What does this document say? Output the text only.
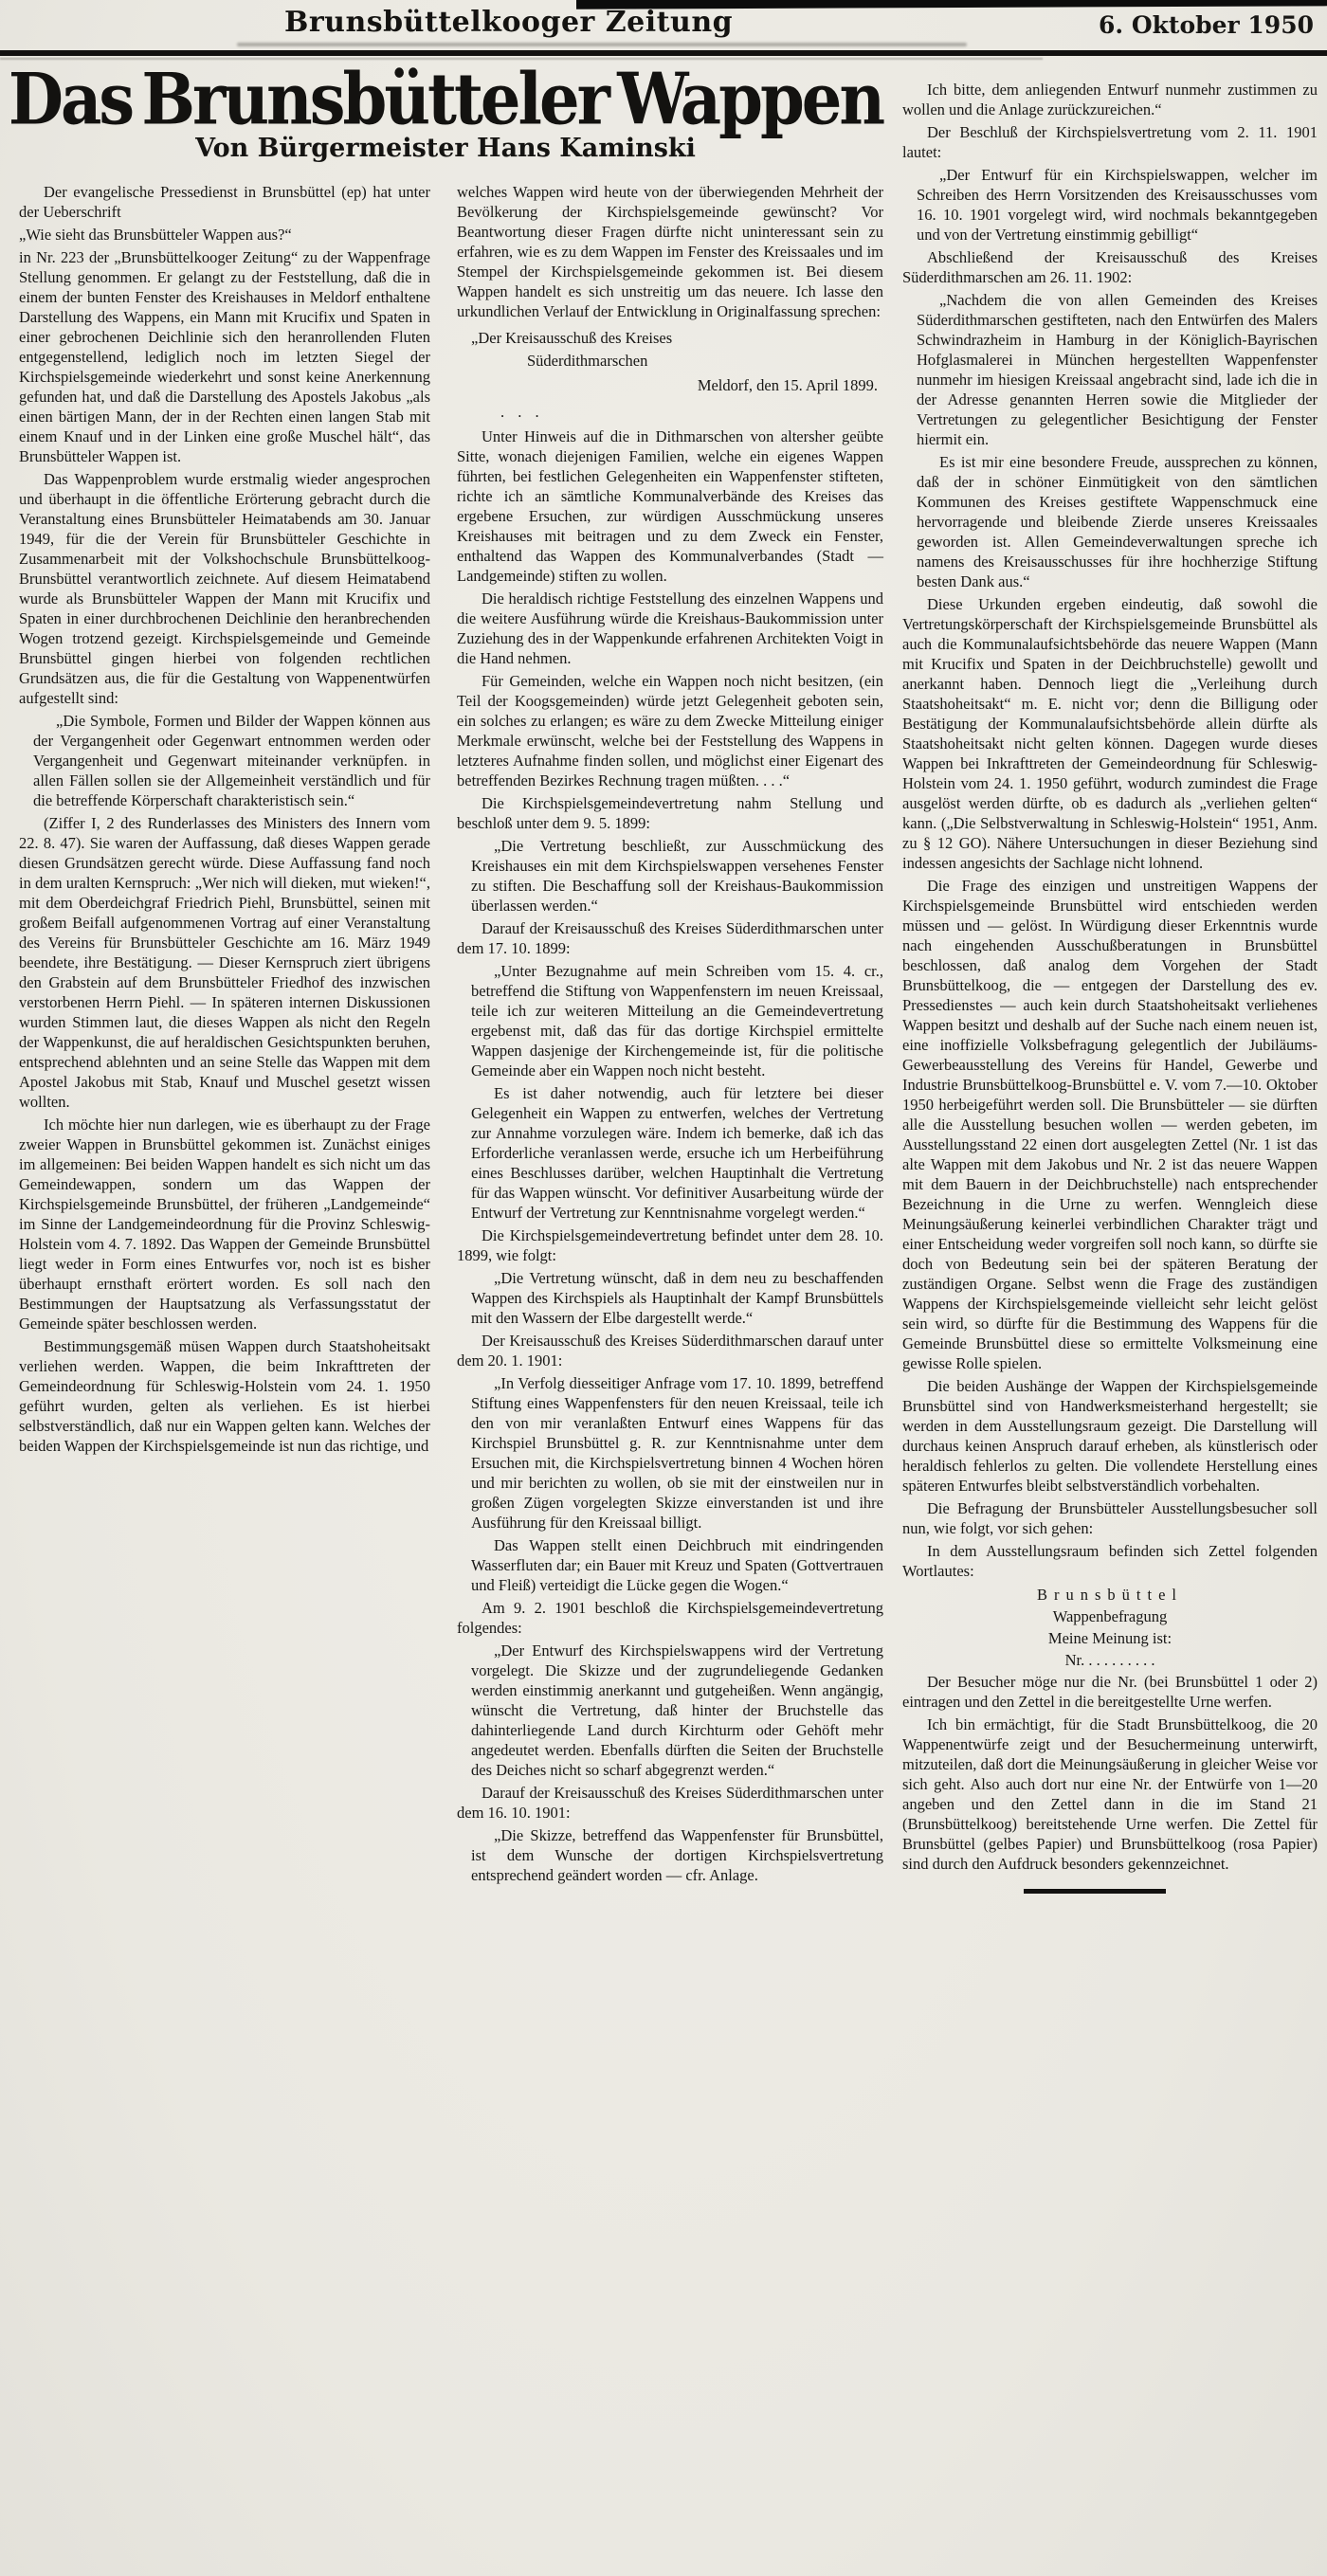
Brunsbüttelkooger Zeitung	6. Oktober 1950
Das Brunsbütteler Wappen
Von Bürgermeister Hans Kaminski

Der evangelische Pressedienst in Brunsbüttel (ep) hat unter der Ueberschrift

„Wie sieht das Brunsbütteler Wappen aus?“

in Nr. 223 der „Brunsbüttelkooger Zeitung“ zu der Wappenfrage Stellung genommen. Er gelangt zu der Feststellung, daß die in einem der bunten Fenster des Kreishauses in Meldorf enthaltene Darstellung des Wappens, ein Mann mit Krucifix und Spaten in einer gebrochenen Deichlinie sich den heranrollenden Fluten entgegenstellend, lediglich noch im letzten Siegel der Kirchspielsgemeinde wiederkehrt und sonst keine Anerkennung gefunden hat, und daß die Darstellung des Apostels Jakobus „als einen bärtigen Mann, der in der Rechten einen langen Stab mit einem Knauf und in der Linken eine große Muschel hält“, das Brunsbütteler Wappen ist.

Das Wappenproblem wurde erstmalig wieder angesprochen und überhaupt in die öffentliche Erörterung gebracht durch die Veranstaltung eines Brunsbütteler Heimatabends am 30. Januar 1949, für die der Verein für Brunsbütteler Geschichte in Zusammenarbeit mit der Volkshochschule Brunsbüttelkoog-Brunsbüttel verantwortlich zeichnete. Auf diesem Heimatabend wurde als Brunsbütteler Wappen der Mann mit Krucifix und Spaten in einer durchbrochenen Deichlinie den heranbrechenden Wogen trotzend gezeigt. Kirchspielsgemeinde und Gemeinde Brunsbüttel gingen hierbei von folgenden rechtlichen Grundsätzen aus, die für die Gestaltung von Wappenentwürfen aufgestellt sind:

„Die Symbole, Formen und Bilder der Wappen können aus der Vergangenheit oder Gegenwart entnommen werden oder Vergangenheit und Gegenwart miteinander verknüpfen. in allen Fällen sollen sie der Allgemeinheit verständlich und für die betreffende Körperschaft charakteristisch sein.“

(Ziffer I, 2 des Runderlasses des Ministers des Innern vom 22. 8. 47). Sie waren der Auffassung, daß dieses Wappen gerade diesen Grundsätzen gerecht würde. Diese Auffassung fand noch in dem uralten Kernspruch: „Wer nich will dieken, mut wieken!“, mit dem Oberdeichgraf Friedrich Piehl, Brunsbüttel, seinen mit großem Beifall aufgenommenen Vortrag auf einer Veranstaltung des Vereins für Brunsbütteler Geschichte am 16. März 1949 beendete, ihre Bestätigung. — Dieser Kernspruch ziert übrigens den Grabstein auf dem Brunsbütteler Friedhof des inzwischen verstorbenen Herrn Piehl. — In späteren internen Diskussionen wurden Stimmen laut, die dieses Wappen als nicht den Regeln der Wappenkunst, die auf heraldischen Gesichtspunkten beruhen, entsprechend ablehnten und an seine Stelle das Wappen mit dem Apostel Jakobus mit Stab, Knauf und Muschel gesetzt wissen wollten.

Ich möchte hier nun darlegen, wie es überhaupt zu der Frage zweier Wappen in Brunsbüttel gekommen ist. Zunächst einiges im allgemeinen: Bei beiden Wappen handelt es sich nicht um das Gemeindewappen, sondern um das Wappen der Kirchspielsgemeinde Brunsbüttel, der früheren „Landgemeinde“ im Sinne der Landgemeindeordnung für die Provinz Schleswig-Holstein vom 4. 7. 1892. Das Wappen der Gemeinde Brunsbüttel liegt weder in Form eines Entwurfes vor, noch ist es bisher überhaupt ernsthaft erörtert worden. Es soll nach den Bestimmungen der Hauptsatzung als Verfassungsstatut der Gemeinde später beschlossen werden.

Bestimmungsgemäß müsen Wappen durch Staatshoheitsakt verliehen werden. Wappen, die beim Inkrafttreten der Gemeindeordnung für Schleswig-Holstein vom 24. 1. 1950 geführt wurden, gelten als verliehen. Es ist hierbei selbstverständlich, daß nur ein Wappen gelten kann. Welches der beiden Wappen der Kirchspielsgemeinde ist nun das richtige, und

welches Wappen wird heute von der überwiegenden Mehrheit der Bevölkerung der Kirchspielsgemeinde gewünscht? Vor Beantwortung dieser Fragen dürfte nicht uninteressant sein zu erfahren, wie es zu dem Wappen im Fenster des Kreissaales und im Stempel der Kirchspielsgemeinde gekommen ist. Bei diesem Wappen handelt es sich unstreitig um das neuere. Ich lasse den urkundlichen Verlauf der Entwicklung in Originalfassung sprechen:

„Der Kreisausschuß des Kreises

Süderdithmarschen

Meldorf, den 15. April 1899.

. . .

Unter Hinweis auf die in Dithmarschen von altersher geübte Sitte, wonach diejenigen Familien, welche ein eigenes Wappen führten, bei festlichen Gelegenheiten ein Wappenfenster stifteten, richte ich an sämtliche Kommunalverbände des Kreises das ergebene Ersuchen, zur würdigen Ausschmückung unseres Kreishauses mit beitragen und zu dem Zweck ein Fenster, enthaltend das Wappen des Kommunalverbandes (Stadt — Landgemeinde) stiften zu wollen.

Die heraldisch richtige Feststellung des einzelnen Wappens und die weitere Ausführung würde die Kreishaus-Baukommission unter Zuziehung des in der Wappenkunde erfahrenen Architekten Voigt in die Hand nehmen.

Für Gemeinden, welche ein Wappen noch nicht besitzen, (ein Teil der Koogsgemeinden) würde jetzt Gelegenheit geboten sein, ein solches zu erlangen; es wäre zu dem Zwecke Mitteilung einiger Merkmale erwünscht, welche bei der Feststellung des Wappens in letzteres Aufnahme finden sollen, und möglichst einer Eigenart des betreffenden Bezirkes Rechnung tragen müßten. . . .“

Die Kirchspielsgemeindevertretung nahm Stellung und beschloß unter dem 9. 5. 1899:

„Die Vertretung beschließt, zur Ausschmückung des Kreishauses ein mit dem Kirchspielswappen versehenes Fenster zu stiften. Die Beschaffung soll der Kreishaus-Baukommission überlassen werden.“

Darauf der Kreisausschuß des Kreises Süderdithmarschen unter dem 17. 10. 1899:

„Unter Bezugnahme auf mein Schreiben vom 15. 4. cr., betreffend die Stiftung von Wappenfenstern im neuen Kreissaal, teile ich zur weiteren Mitteilung an die Gemeindevertretung ergebenst mit, daß das für das dortige Kirchspiel ermittelte Wappen dasjenige der Kirchengemeinde ist, für die politische Gemeinde aber ein Wappen noch nicht besteht.

Es ist daher notwendig, auch für letztere bei dieser Gelegenheit ein Wappen zu entwerfen, welches der Vertretung zur Annahme vorzulegen wäre. Indem ich bemerke, daß ich das Erforderliche veranlassen werde, ersuche ich um Herbeiführung eines Beschlusses darüber, welchen Hauptinhalt die Vertretung für das Wappen wünscht. Vor definitiver Ausarbeitung würde der Entwurf der Vertretung zur Kenntnisnahme vorgelegt werden.“

Die Kirchspielsgemeindevertretung befindet unter dem 28. 10. 1899, wie folgt:

„Die Vertretung wünscht, daß in dem neu zu beschaffenden Wappen des Kirchspiels als Hauptinhalt der Kampf Brunsbüttels mit den Wassern der Elbe dargestellt werde.“

Der Kreisausschuß des Kreises Süderdithmarschen darauf unter dem 20. 1. 1901:

„In Verfolg diesseitiger Anfrage vom 17. 10. 1899, betreffend Stiftung eines Wappenfensters für den neuen Kreissaal, teile ich den von mir veranlaßten Entwurf eines Wappens für das Kirchspiel Brunsbüttel g. R. zur Kenntnisnahme unter dem Ersuchen mit, die Kirchspielsvertretung binnen 4 Wochen hören und mir berichten zu wollen, ob sie mit der einstweilen nur in großen Zügen vorgelegten Skizze einverstanden ist und ihre Ausführung für den Kreissaal billigt.

Das Wappen stellt einen Deichbruch mit eindringenden Wasserfluten dar; ein Bauer mit Kreuz und Spaten (Gottvertrauen und Fleiß) verteidigt die Lücke gegen die Wogen.“

Am 9. 2. 1901 beschloß die Kirchspielsgemeindevertretung folgendes:

„Der Entwurf des Kirchspielswappens wird der Vertretung vorgelegt. Die Skizze und der zugrundeliegende Gedanken werden einstimmig anerkannt und gutgeheißen. Wenn angängig, wünscht die Vertretung, daß hinter der Bruchstelle das dahinterliegende Land durch Kirchturm oder Gehöft mehr angedeutet werden. Ebenfalls dürften die Seiten der Bruchstelle des Deiches nicht so scharf abgegrenzt werden.“

Darauf der Kreisausschuß des Kreises Süderdithmarschen unter dem 16. 10. 1901:

„Die Skizze, betreffend das Wappenfenster für Brunsbüttel, ist dem Wunsche der dortigen Kirchspielsvertretung entsprechend geändert worden — cfr. Anlage.

Ich bitte, dem anliegenden Entwurf nunmehr zustimmen zu wollen und die Anlage zurückzureichen.“

Der Beschluß der Kirchspielsvertretung vom 2. 11. 1901 lautet:

„Der Entwurf für ein Kirchspielswappen, welcher im Schreiben des Herrn Vorsitzenden des Kreisausschusses vom 16. 10. 1901 vorgelegt wird, wird nochmals bekanntgegeben und von der Vertretung einstimmig gebilligt“

Abschließend der Kreisausschuß des Kreises Süderdithmarschen am 26. 11. 1902:

„Nachdem die von allen Gemeinden des Kreises Süderdithmarschen gestifteten, nach den Entwürfen des Malers Schwindrazheim in Hamburg in der Königlich-Bayrischen Hofglasmalerei in München hergestellten Wappenfenster nunmehr im hiesigen Kreissaal angebracht sind, lade ich die in der Adresse genannten Herren sowie die Mitglieder der Vertretungen zu gelegentlicher Besichtigung der Fenster hiermit ein.

Es ist mir eine besondere Freude, aussprechen zu können, daß der in schöner Einmütigkeit von den sämtlichen Kommunen des Kreises gestiftete Wappenschmuck eine hervorragende und bleibende Zierde unseres Kreissaales geworden ist. Allen Gemeindeverwaltungen spreche ich namens des Kreisausschusses für ihre hochherzige Stiftung besten Dank aus.“

Diese Urkunden ergeben eindeutig, daß sowohl die Vertretungskörperschaft der Kirchspielsgemeinde Brunsbüttel als auch die Kommunalaufsichtsbehörde das neuere Wappen (Mann mit Krucifix und Spaten in der Deichbruchstelle) gewollt und anerkannt haben. Dennoch liegt die „Verleihung durch Staatshoheitsakt“ m. E. nicht vor; denn die Billigung oder Bestätigung der Kommunalaufsichtsbehörde allein dürfte als Staatshoheitsakt nicht gelten können. Dagegen wurde dieses Wappen bei Inkrafttreten der Gemeindeordnung für Schleswig-Holstein vom 24. 1. 1950 geführt, wodurch zumindest die Frage ausgelöst werden dürfte, ob es dadurch als „verliehen gelten“ kann. („Die Selbstverwaltung in Schleswig-Holstein“ 1951, Anm. zu § 12 GO). Nähere Untersuchungen in dieser Beziehung sind indessen angesichts der Sachlage nicht lohnend.

Die Frage des einzigen und unstreitigen Wappens der Kirchspielsgemeinde Brunsbüttel wird entschieden werden müssen und — gelöst. In Würdigung dieser Erkenntnis wurde nach eingehenden Ausschußberatungen in Brunsbüttel beschlossen, daß analog dem Vorgehen der Stadt Brunsbüttelkoog, die — entgegen der Darstellung des ev. Pressedienstes — auch kein durch Staatshoheitsakt verliehenes Wappen besitzt und deshalb auf der Suche nach einem neuen ist, eine inoffizielle Volksbefragung gelegentlich der Jubiläums-Gewerbeausstellung des Vereins für Handel, Gewerbe und Industrie Brunsbüttelkoog-Brunsbüttel e. V. vom 7.—10. Oktober 1950 herbeigeführt werden soll. Die Brunsbütteler — sie dürften alle die Ausstellung besuchen wollen — werden gebeten, im Ausstellungsstand 22 einen dort ausgelegten Zettel (Nr. 1 ist das alte Wappen mit dem Jakobus und Nr. 2 ist das neuere Wappen mit dem Bauern in der Deichbruchstelle) nach entsprechender Bezeichnung in die Urne zu werfen. Wenngleich diese Meinungsäußerung keinerlei verbindlichen Charakter trägt und einer Entscheidung weder vorgreifen soll noch kann, so dürfte sie doch von Bedeutung sein bei der späteren Beratung der zuständigen Organe. Selbst wenn die Frage des zuständigen Wappens der Kirchspielsgemeinde vielleicht sehr leicht gelöst sein wird, so dürfte für die Bestimmung des Wappens für die Gemeinde Brunsbüttel diese so ermittelte Volksmeinung eine gewisse Rolle spielen.

Die beiden Aushänge der Wappen der Kirchspielsgemeinde Brunsbüttel sind von Handwerksmeisterhand hergestellt; sie werden in dem Ausstellungsraum gezeigt. Die Darstellung will durchaus keinen Anspruch darauf erheben, als künstlerisch oder heraldisch fehlerlos zu gelten. Die vollendete Herstellung eines späteren Entwurfes bleibt selbstverständlich vorbehalten.

Die Befragung der Brunsbütteler Ausstellungsbesucher soll nun, wie folgt, vor sich gehen:

In dem Ausstellungsraum befinden sich Zettel folgenden Wortlautes:

Brunsbüttel

Wappenbefragung

Meine Meinung ist:

Nr. . . . . . . . . .

Der Besucher möge nur die Nr. (bei Brunsbüttel 1 oder 2) eintragen und den Zettel in die bereitgestellte Urne werfen.

Ich bin ermächtigt, für die Stadt Brunsbüttelkoog, die 20 Wappenentwürfe zeigt und der Besuchermeinung unterwirft, mitzuteilen, daß dort die Meinungsäußerung in gleicher Weise vor sich geht. Also auch dort nur eine Nr. der Entwürfe von 1—20 angeben und den Zettel dann in die im Stand 21 (Brunsbüttelkoog) bereitstehende Urne werfen. Die Zettel für Brunsbüttel (gelbes Papier) und Brunsbüttelkoog (rosa Papier) sind durch den Aufdruck besonders gekennzeichnet.
